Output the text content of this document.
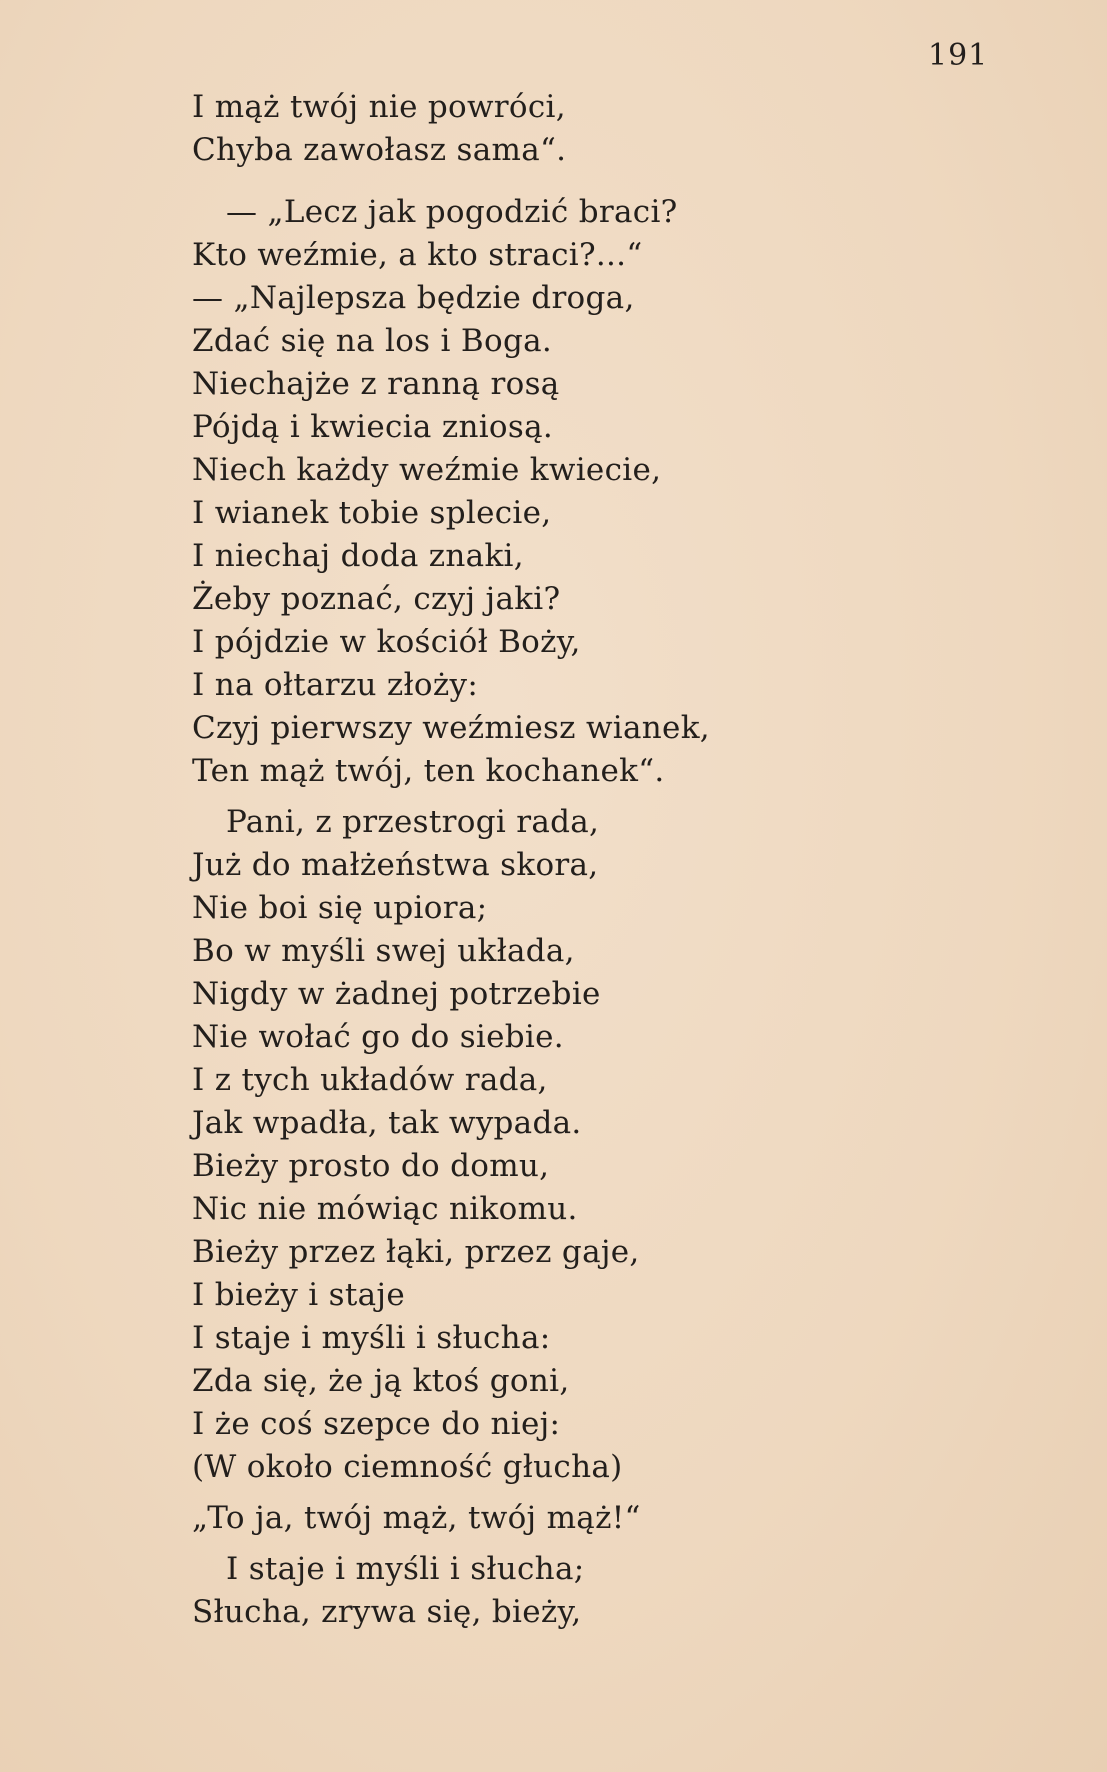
191
I mąż twój nie powróci,
Chyba zawołasz sama“.
— „Lecz jak pogodzić braci?
Kto weźmie, a kto straci?...“
— „Najlepsza będzie droga,
Zdać się na los i Boga.
Niechajże z ranną rosą
Pójdą i kwiecia zniosą.
Niech każdy weźmie kwiecie,
I wianek tobie splecie,
I niechaj doda znaki,
Żeby poznać, czyj jaki?
I pójdzie w kościół Boży,
I na ołtarzu złoży:
Czyj pierwszy weźmiesz wianek,
Ten mąż twój, ten kochanek“.
Pani, z przestrogi rada,
Już do małżeństwa skora,
Nie boi się upiora;
Bo w myśli swej układa,
Nigdy w żadnej potrzebie
Nie wołać go do siebie.
I z tych układów rada,
Jak wpadła, tak wypada.
Bieży prosto do domu,
Nic nie mówiąc nikomu.
Bieży przez łąki, przez gaje,
I bieży i staje
I staje i myśli i słucha:
Zda się, że ją ktoś goni,
I że coś szepce do niej:
(W około ciemność głucha)
„To ja, twój mąż, twój mąż!“
I staje i myśli i słucha;
Słucha, zrywa się, bieży,
